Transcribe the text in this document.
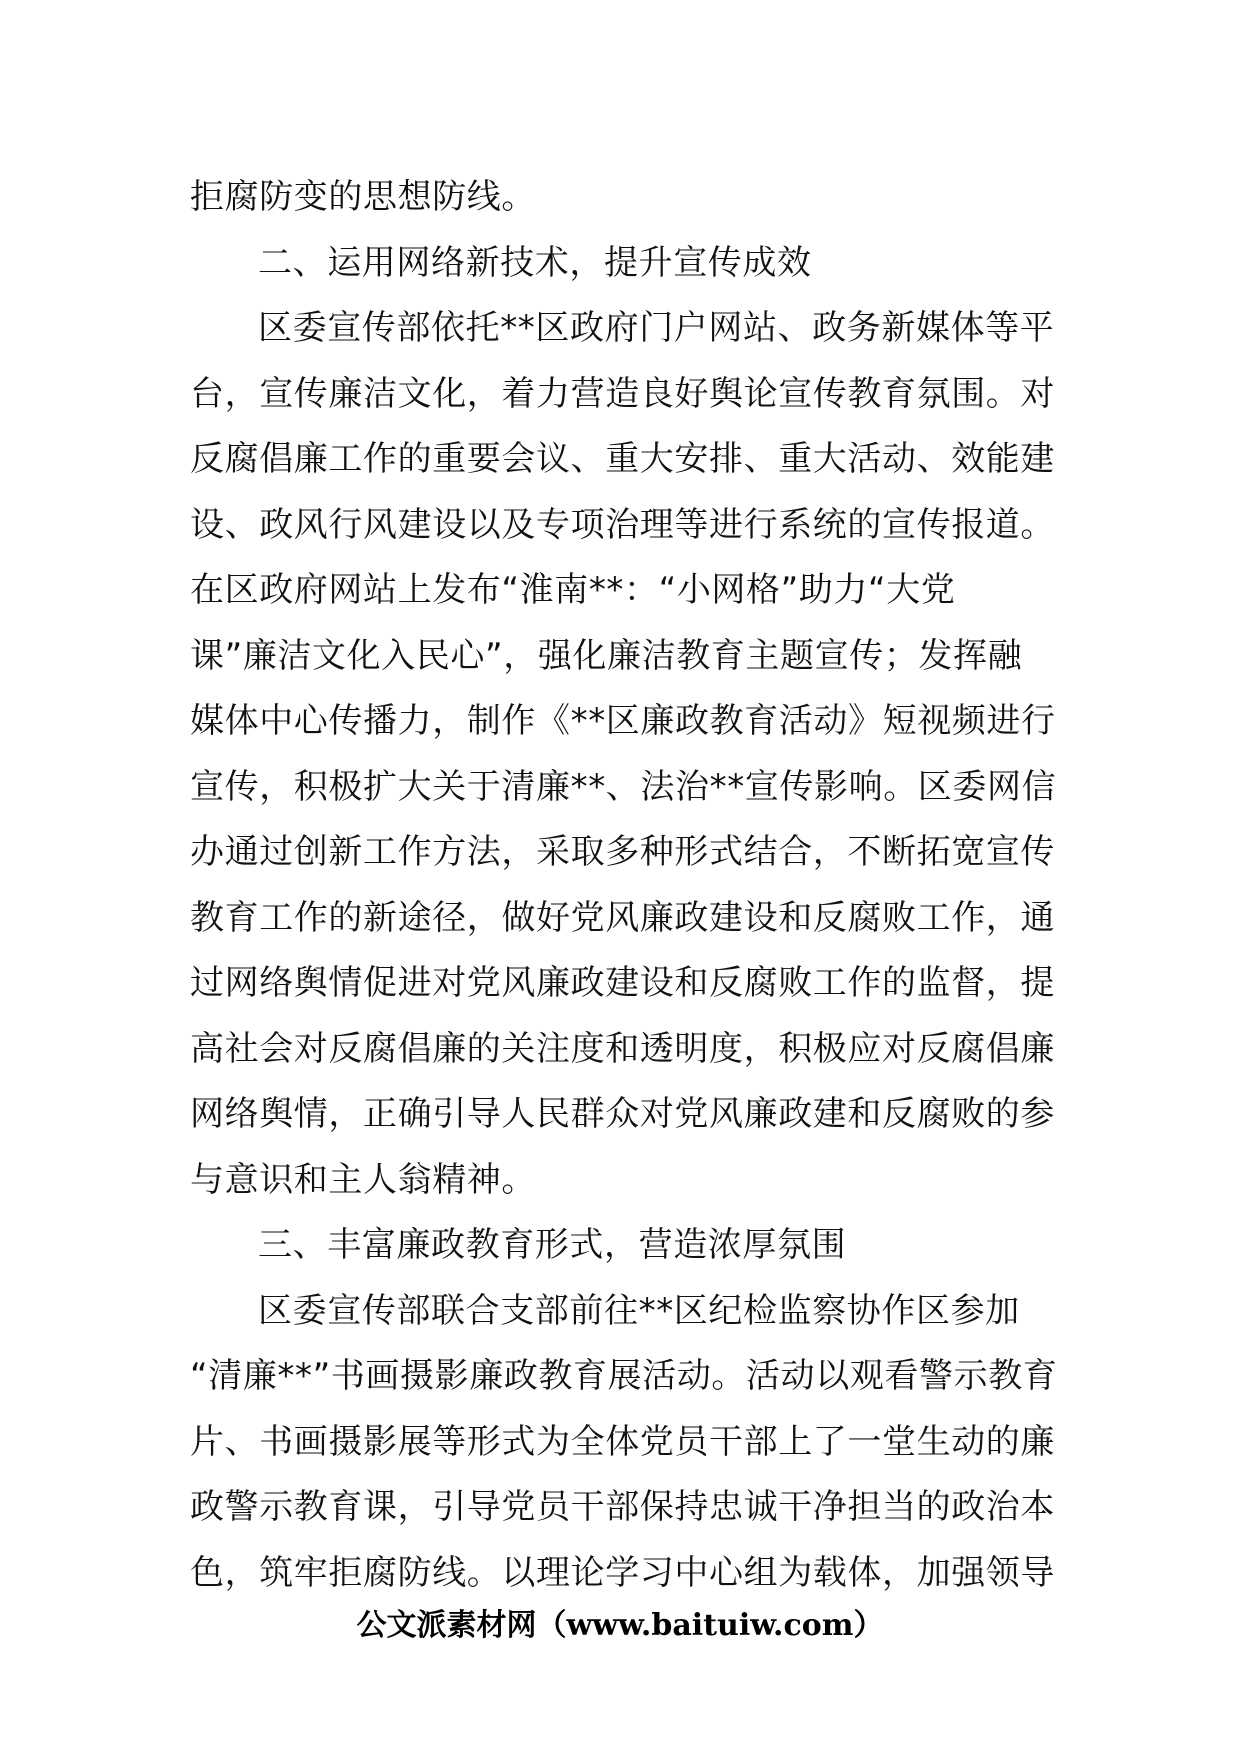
拒腐防变的思想防线。
二、运用网络新技术，提升宣传成效
区委宣传部依托**区政府门户网站、政务新媒体等平
台，宣传廉洁文化，着力营造良好舆论宣传教育氛围。对
反腐倡廉工作的重要会议、重大安排、重大活动、效能建
设、政风行风建设以及专项治理等进行系统的宣传报道。
在区政府网站上发布“淮南**：“小网格”助力“大党
课”廉洁文化入民心”，强化廉洁教育主题宣传；发挥融
媒体中心传播力，制作《**区廉政教育活动》短视频进行
宣传，积极扩大关于清廉**、法治**宣传影响。区委网信
办通过创新工作方法，采取多种形式结合，不断拓宽宣传
教育工作的新途径，做好党风廉政建设和反腐败工作，通
过网络舆情促进对党风廉政建设和反腐败工作的监督，提
高社会对反腐倡廉的关注度和透明度，积极应对反腐倡廉
网络舆情，正确引导人民群众对党风廉政建和反腐败的参
与意识和主人翁精神。
三、丰富廉政教育形式，营造浓厚氛围
区委宣传部联合支部前往**区纪检监察协作区参加
“清廉**”书画摄影廉政教育展活动。活动以观看警示教育
片、书画摄影展等形式为全体党员干部上了一堂生动的廉
政警示教育课，引导党员干部保持忠诚干净担当的政治本
色，筑牢拒腐防线。以理论学习中心组为载体，加强领导
公文派素材网（www.baituiw.com）
